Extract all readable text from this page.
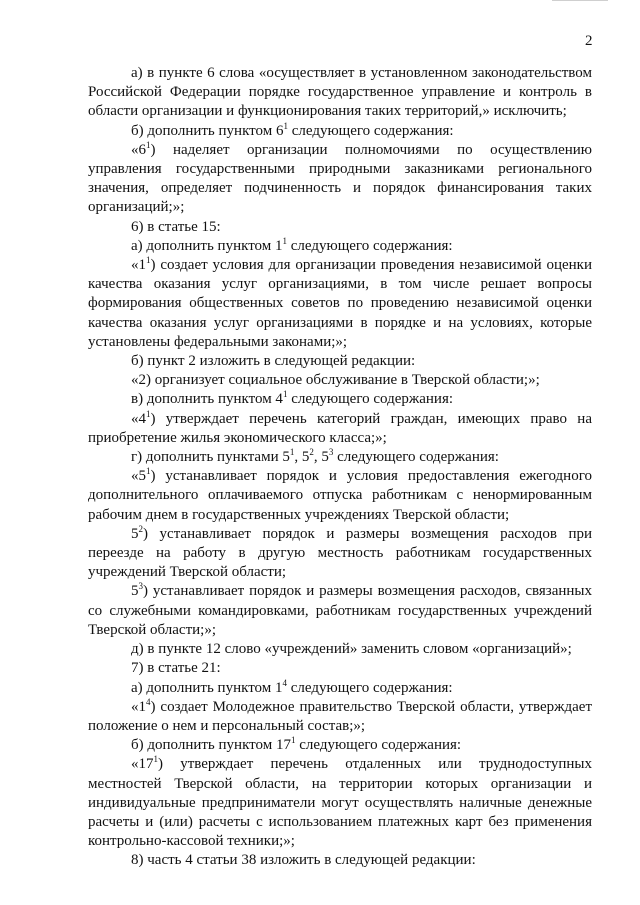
2

а) в пункте 6 слова «осуществляет в установленном законодательством Российской Федерации порядке государственное управление и контроль в области организации и функционирования таких территорий,» исключить;

б) дополнить пунктом $6^1$ следующего содержания:

«$6^1$) наделяет организации полномочиями по осуществлению управления государственными природными заказниками регионального значения, определяет подчиненность и порядок финансирования таких организаций;»;

6) в статье 15:

а) дополнить пунктом $1^1$ следующего содержания:

«$1^1$) создает условия для организации проведения независимой оценки качества оказания услуг организациями, в том числе решает вопросы формирования общественных советов по проведению независимой оценки качества оказания услуг организациями в порядке и на условиях, которые установлены федеральными законами;»;

б) пункт 2 изложить в следующей редакции:

«2) организует социальное обслуживание в Тверской области;»;

в) дополнить пунктом $4^1$ следующего содержания:

«$4^1$) утверждает перечень категорий граждан, имеющих право на приобретение жилья экономического класса;»;

г) дополнить пунктами $5^1$, $5^2$, $5^3$ следующего содержания:

«$5^1$) устанавливает порядок и условия предоставления ежегодного дополнительного оплачиваемого отпуска работникам с ненормированным рабочим днем в государственных учреждениях Тверской области;

$5^2$) устанавливает порядок и размеры возмещения расходов при переезде на работу в другую местность работникам государственных учреждений Тверской области;

$5^3$) устанавливает порядок и размеры возмещения расходов, связанных со служебными командировками, работникам государственных учреждений Тверской области;»;

д) в пункте 12 слово «учреждений» заменить словом «организаций»;

7) в статье 21:

а) дополнить пунктом $1^4$ следующего содержания:

«$1^4$) создает Молодежное правительство Тверской области, утверждает положение о нем и персональный состав;»;

б) дополнить пунктом $17^1$ следующего содержания:

«$17^1$) утверждает перечень отдаленных или труднодоступных местностей Тверской области, на территории которых организации и индивидуальные предприниматели могут осуществлять наличные денежные расчеты и (или) расчеты с использованием платежных карт без применения контрольно-кассовой техники;»;

8) часть 4 статьи 38 изложить в следующей редакции:
